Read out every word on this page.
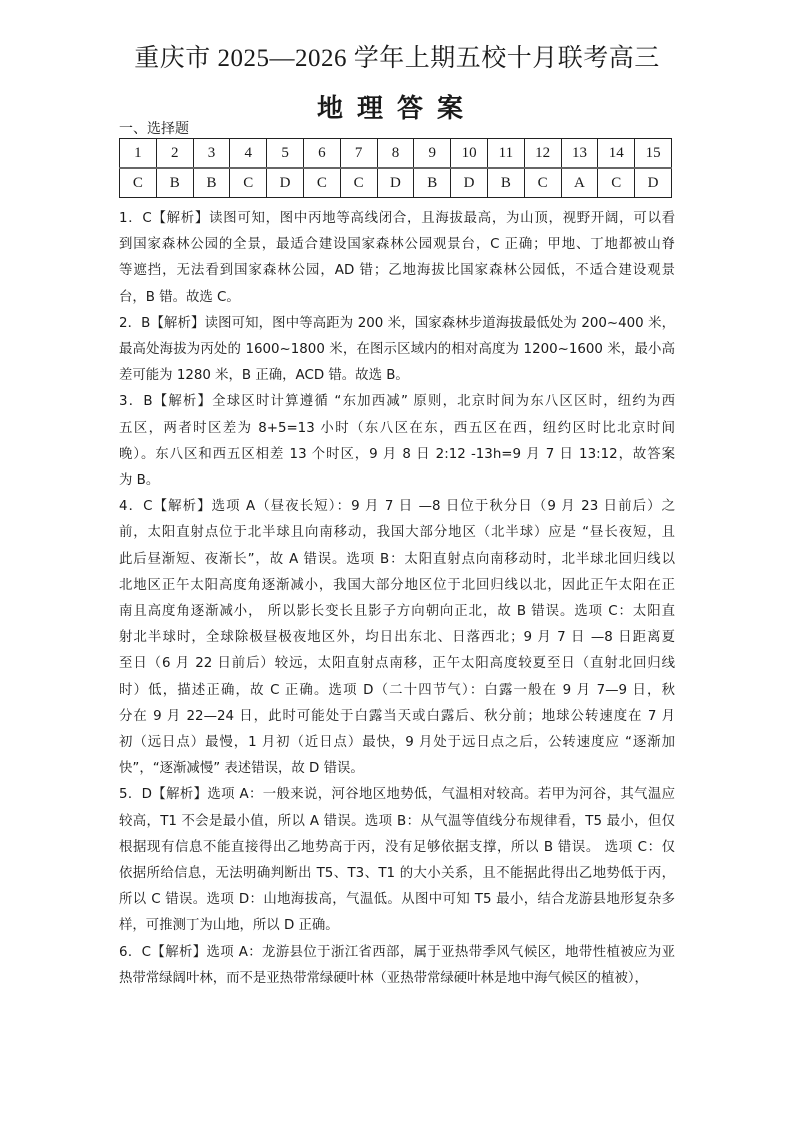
重庆市 2025—2026 学年上期五校十月联考高三
地理答案
一、选择题
1	2	3	4	5	6	7	8	9	10	11	12	13	14	15
C	B	B	C	D	C	C	D	B	D	B	C	A	C	D
1．C【解析】读图可知，图中丙地等高线闭合，且海拔最高，为山顶，视野开阔，可以看
到国家森林公园的全景，最适合建设国家森林公园观景台，C 正确；甲地、丁地都被山脊
等遮挡，无法看到国家森林公园，AD 错；乙地海拔比国家森林公园低，不适合建设观景
台，B 错。故选 C。
2．B【解析】读图可知，图中等高距为 200 米，国家森林步道海拔最低处为 200~400 米，
最高处海拔为丙处的 1600~1800 米，在图示区域内的相对高度为 1200~1600 米，最小高
差可能为 1280 米，B 正确，ACD 错。故选 B。
3．B【解析】全球区时计算遵循 “东加西减” 原则，北京时间为东八区区时，纽约为西
五区，两者时区差为 8+5=13 小时（东八区在东，西五区在西，纽约区时比北京时间
晚）。东八区和西五区相差 13 个时区，9 月 8 日 2:12 -13h=9 月 7 日 13:12，故答案
为 B。
4．C【解析】选项 A（昼夜长短）：9 月 7 日 —8 日位于秋分日（9 月 23 日前后）之
前，太阳直射点位于北半球且向南移动，我国大部分地区（北半球）应是 “昼长夜短，且
此后昼渐短、夜渐长”，故 A 错误。选项 B：太阳直射点向南移动时，北半球北回归线以
北地区正午太阳高度角逐渐减小，我国大部分地区位于北回归线以北，因此正午太阳在正
南且高度角逐渐减小， 所以影长变长且影子方向朝向正北，故 B 错误。选项 C：太阳直
射北半球时，全球除极昼极夜地区外，均日出东北、日落西北；9 月 7 日 —8 日距离夏
至日（6 月 22 日前后）较远，太阳直射点南移，正午太阳高度较夏至日（直射北回归线
时）低，描述正确，故 C 正确。选项 D（二十四节气）：白露一般在 9 月 7—9 日，秋
分在 9 月 22—24 日，此时可能处于白露当天或白露后、秋分前；地球公转速度在 7 月
初（远日点）最慢，1 月初（近日点）最快，9 月处于远日点之后，公转速度应 “逐渐加
快”，“逐渐减慢” 表述错误，故 D 错误。
5．D【解析】选项 A：一般来说，河谷地区地势低，气温相对较高。若甲为河谷，其气温应
较高，T1 不会是最小值，所以 A 错误。选项 B：从气温等值线分布规律看，T5 最小，但仅
根据现有信息不能直接得出乙地势高于丙，没有足够依据支撑，所以 B 错误。 选项 C：仅
依据所给信息，无法明确判断出 T5、T3、T1 的大小关系，且不能据此得出乙地势低于丙，
所以 C 错误。选项 D：山地海拔高，气温低。从图中可知 T5 最小，结合龙游县地形复杂多
样，可推测丁为山地，所以 D 正确。
6．C【解析】选项 A：龙游县位于浙江省西部，属于亚热带季风气候区，地带性植被应为亚
热带常绿阔叶林，而不是亚热带常绿硬叶林（亚热带常绿硬叶林是地中海气候区的植被），
